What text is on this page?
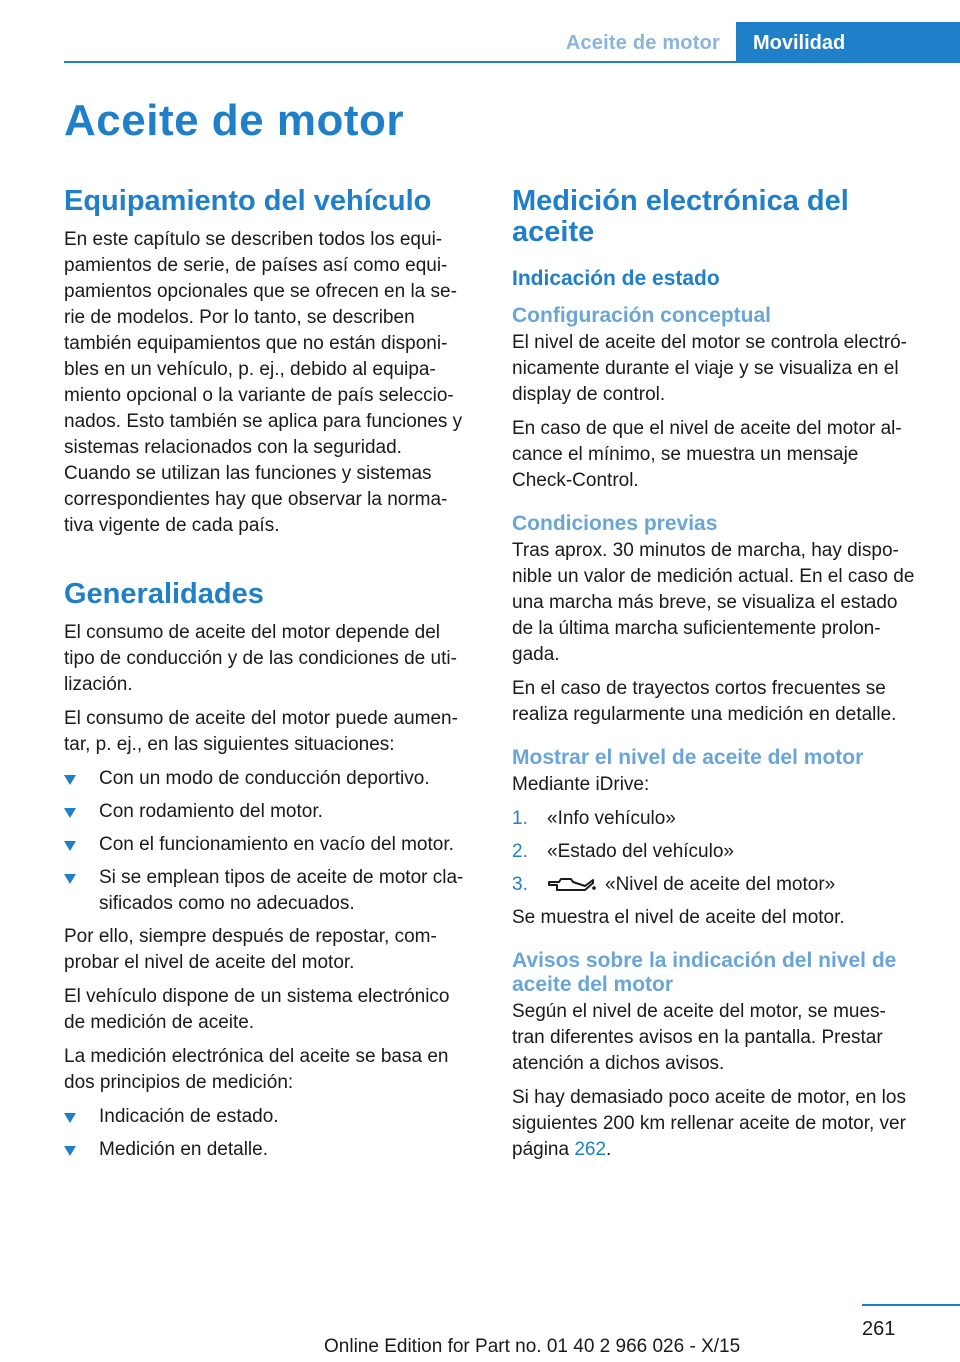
Aceite de motor	Movilidad
Aceite de motor
Equipamiento del vehículo

En este capítulo se describen todos los equi-
pamientos de serie, de países así como equi-
pamientos opcionales que se ofrecen en la se-
rie de modelos. Por lo tanto, se describen
también equipamientos que no están disponi-
bles en un vehículo, p. ej., debido al equipa-
miento opcional o la variante de país seleccio-
nados. Esto también se aplica para funciones y
sistemas relacionados con la seguridad.
Cuando se utilizan las funciones y sistemas
correspondientes hay que observar la norma-
tiva vigente de cada país.

Generalidades

El consumo de aceite del motor depende del
tipo de conducción y de las condiciones de uti-
lización.

El consumo de aceite del motor puede aumen-
tar, p. ej., en las siguientes situaciones:

Con un modo de conducción deportivo.
Con rodamiento del motor.
Con el funcionamiento en vacío del motor.
Si se emplean tipos de aceite de motor cla-
sificados como no adecuados.

Por ello, siempre después de repostar, com-
probar el nivel de aceite del motor.

El vehículo dispone de un sistema electrónico
de medición de aceite.

La medición electrónica del aceite se basa en
dos principios de medición:

Indicación de estado.
Medición en detalle.
Medición electrónica del
aceite
Indicación de estado
Configuración conceptual

El nivel de aceite del motor se controla electró-
nicamente durante el viaje y se visualiza en el
display de control.

En caso de que el nivel de aceite del motor al-
cance el mínimo, se muestra un mensaje
Check-Control.

Condiciones previas

Tras aprox. 30 minutos de marcha, hay dispo-
nible un valor de medición actual. En el caso de
una marcha más breve, se visualiza el estado
de la última marcha suficientemente prolon-
gada.

En el caso de trayectos cortos frecuentes se
realiza regularmente una medición en detalle.

Mostrar el nivel de aceite del motor

Mediante iDrive:

1. «Info vehículo»
2. «Estado del vehículo»
3.	«Nivel de aceite del motor»

Se muestra el nivel de aceite del motor.

Avisos sobre la indicación del nivel de
aceite del motor

Según el nivel de aceite del motor, se mues-
tran diferentes avisos en la pantalla. Prestar
atención a dichos avisos.

Si hay demasiado poco aceite de motor, en los
siguientes 200 km rellenar aceite de motor, ver
página 262.

261
Online Edition for Part no. 01 40 2 966 026 - X/15
